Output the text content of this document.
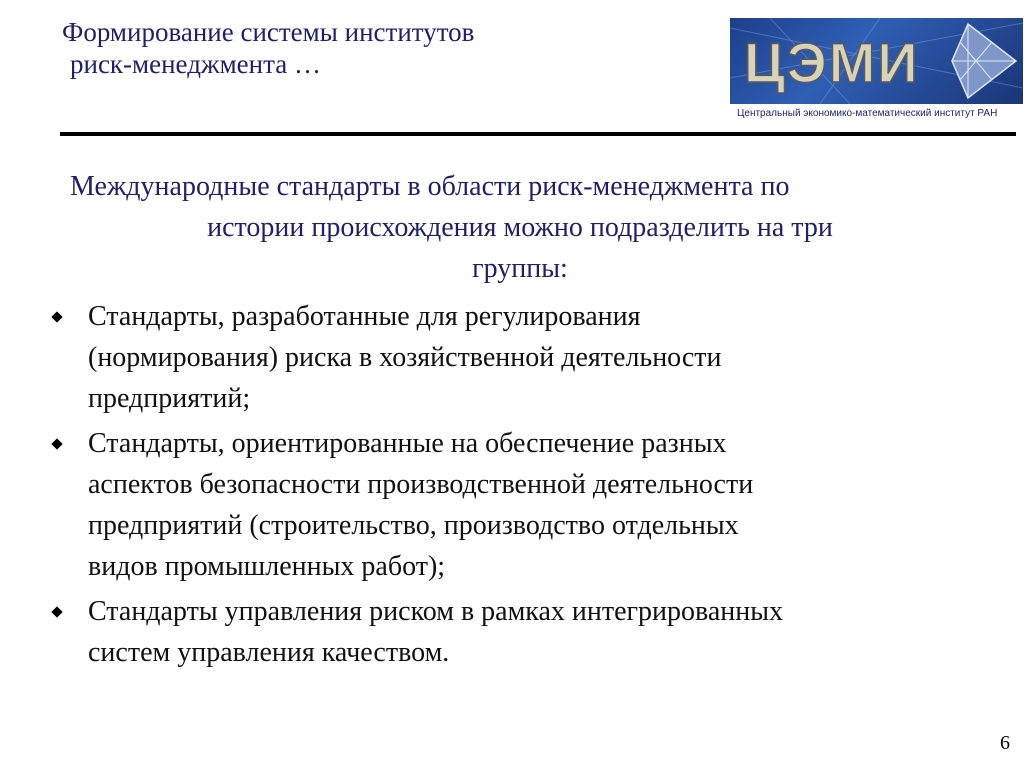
Формирование системы институтов
риск-менеджмента …	ЦЭМИ
Центральный экономико-математический институт РАН
Международные стандарты в области риск-менеджмента по
истории происхождения можно подразделить на три
группы:
Стандарты, разработанные для регулирования
(нормирования) риска в хозяйственной деятельности
предприятий;
Стандарты, ориентированные на обеспечение разных
аспектов безопасности производственной деятельности
предприятий (строительство, производство отдельных
видов промышленных работ);
Стандарты управления риском в рамках интегрированных
систем управления качеством.
6
